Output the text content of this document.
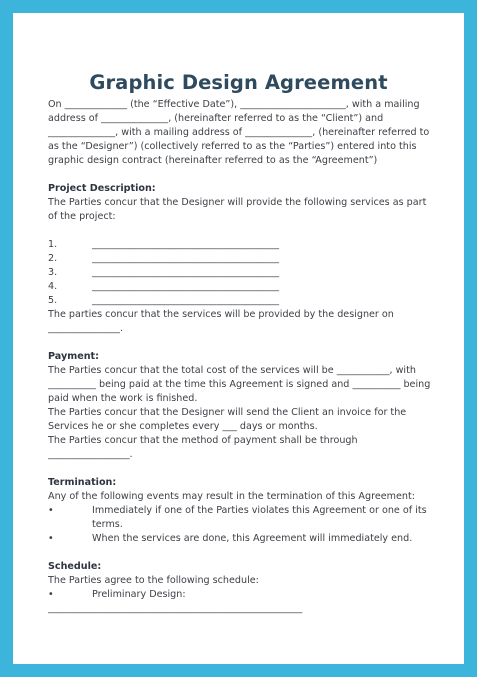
Graphic Design Agreement

On _____________ (the “Effective Date”), ______________________, with a mailing address of ______________, (hereinafter referred to as the “Client”) and ______________, with a mailing address of ______________, (hereinafter referred to as the “Designer”) (collectively referred to as the “Parties”) entered into this graphic design contract (hereinafter referred to as the “Agreement”)

Project Description:

The Parties concur that the Designer will provide the following services as part of the project:

1.	_______________________________________
2.	_______________________________________
3.	_______________________________________
4.	_______________________________________
5.	_______________________________________

The parties concur that the services will be provided by the designer on _______________.

Payment:

The Parties concur that the total cost of the services will be ___________, with __________ being paid at the time this Agreement is signed and __________ being paid when the work is finished.

The Parties concur that the Designer will send the Client an invoice for the Services he or she completes every ___ days or months.

The Parties concur that the method of payment shall be through _________________.

Termination:

Any of the following events may result in the termination of this Agreement:

•	Immediately if one of the Parties violates this Agreement or one of its terms.
•	When the services are done, this Agreement will immediately end.

Schedule:

The Parties agree to the following schedule:

•	Preliminary Design:

_____________________________________________________
